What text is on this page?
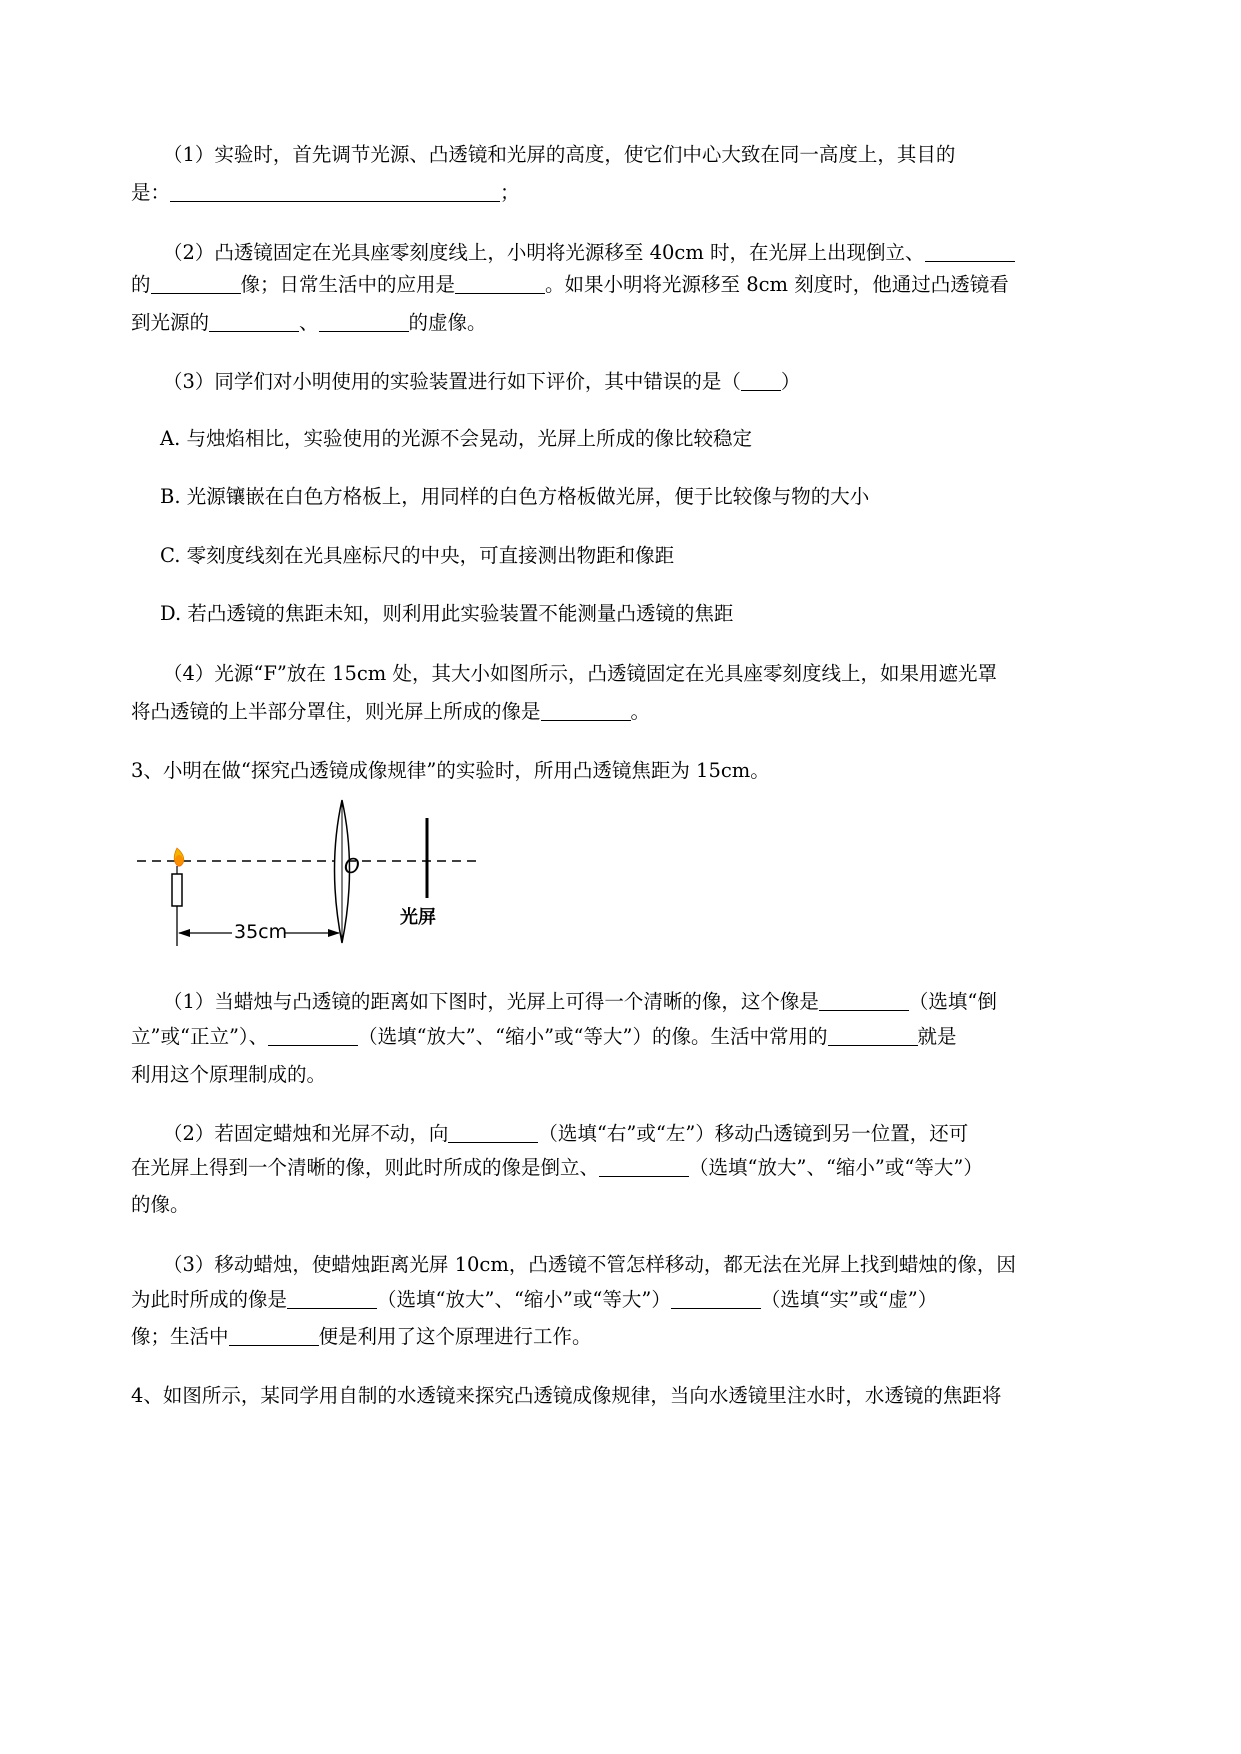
（1）实验时，首先调节光源、凸透镜和光屏的高度，使它们中心大致在同一高度上，其目的
是：	；
（2）凸透镜固定在光具座零刻度线上，小明将光源移至 40cm 时，在光屏上出现倒立、
的	像；日常生活中的应用是	。如果小明将光源移至 8cm 刻度时，他通过凸透镜看
到光源的	、	的虚像。
（3）同学们对小明使用的实验装置进行如下评价，其中错误的是（ ）
A. 与烛焰相比，实验使用的光源不会晃动，光屏上所成的像比较稳定
B. 光源镶嵌在白色方格板上，用同样的白色方格板做光屏，便于比较像与物的大小
C. 零刻度线刻在光具座标尺的中央，可直接测出物距和像距
D. 若凸透镜的焦距未知，则利用此实验装置不能测量凸透镜的焦距
（4）光源“F”放在 15cm 处，其大小如图所示，凸透镜固定在光具座零刻度线上，如果用遮光罩
将凸透镜的上半部分罩住，则光屏上所成的像是	。
3、小明在做“探究凸透镜成像规律”的实验时，所用凸透镜焦距为 15cm。
O
光屏
35cm
（1）当蜡烛与凸透镜的距离如下图时，光屏上可得一个清晰的像，这个像是	（选填“倒
立”或“正立”）、	（选填“放大”、“缩小”或“等大”）的像。生活中常用的	就是
利用这个原理制成的。
（2）若固定蜡烛和光屏不动，向	（选填“右”或“左”）移动凸透镜到另一位置，还可
在光屏上得到一个清晰的像，则此时所成的像是倒立、	（选填“放大”、“缩小”或“等大”）
的像。
（3）移动蜡烛，使蜡烛距离光屏 10cm，凸透镜不管怎样移动，都无法在光屏上找到蜡烛的像，因
为此时所成的像是	（选填“放大”、“缩小”或“等大”）	（选填“实”或“虚”）
像；生活中	便是利用了这个原理进行工作。
4、如图所示，某同学用自制的水透镜来探究凸透镜成像规律，当向水透镜里注水时，水透镜的焦距将
